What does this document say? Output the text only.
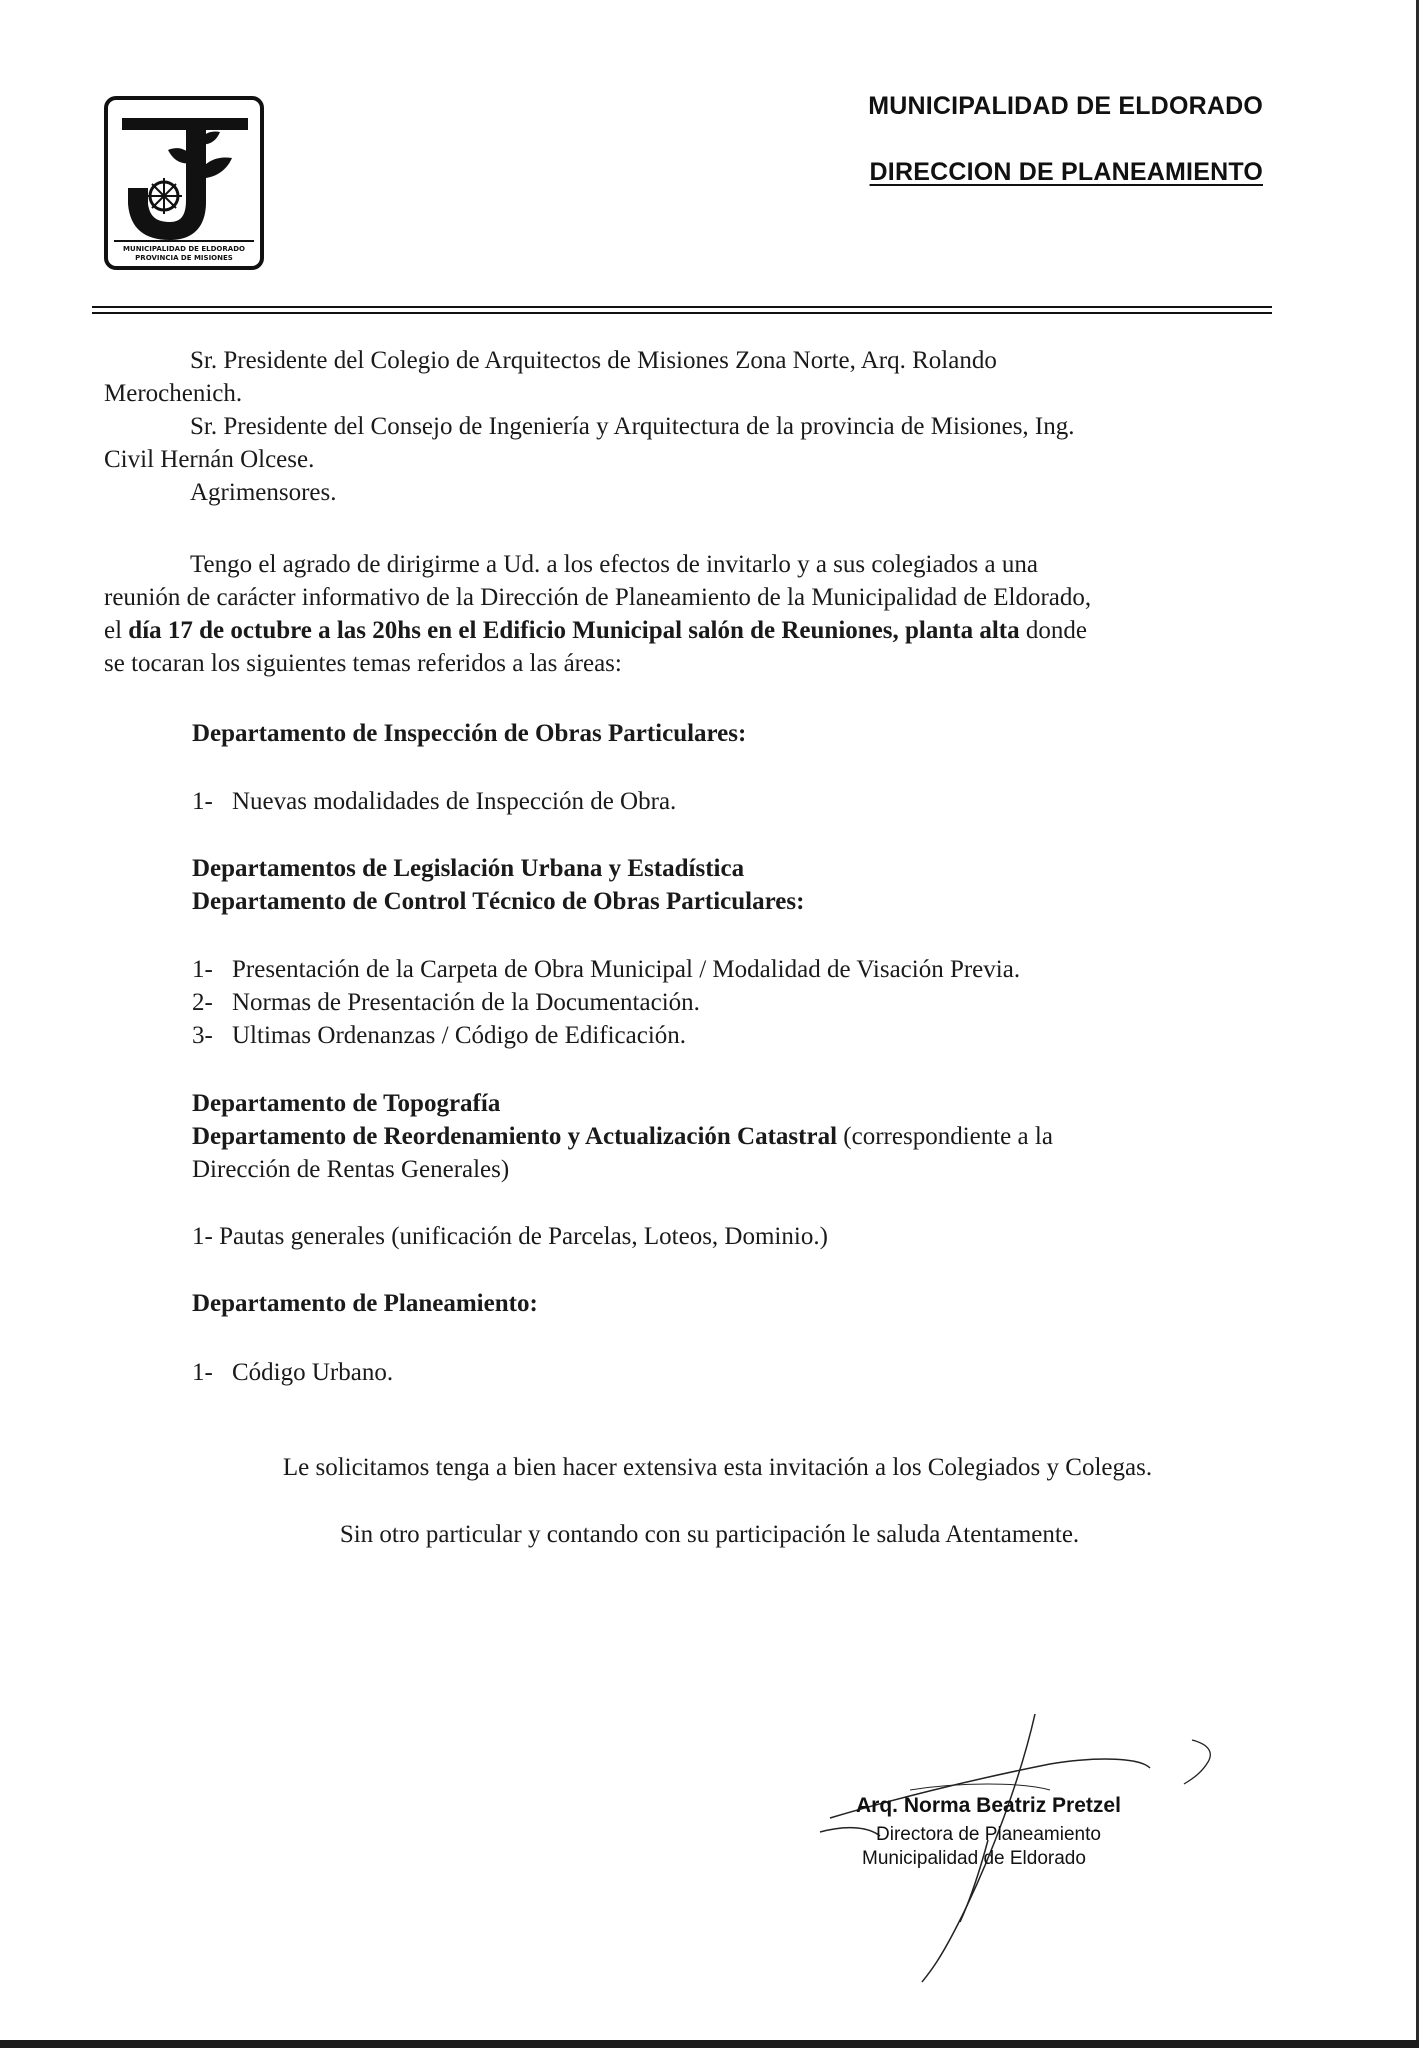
MUNICIPALIDAD DE ELDORADO
PROVINCIA DE MISIONES
MUNICIPALIDAD DE ELDORADO
DIRECCION DE PLANEAMIENTO

Sr. Presidente del Colegio de Arquitectos de Misiones Zona Norte, Arq. Rolando

Merochenich.

Sr. Presidente del Consejo de Ingeniería y Arquitectura de la provincia de Misiones, Ing.

Civil Hernán Olcese.

Agrimensores.

Tengo el agrado de dirigirme a Ud. a los efectos de invitarlo y a sus colegiados a una

reunión de carácter informativo de la Dirección de Planeamiento de la Municipalidad de Eldorado,

el día 17 de octubre a las 20hs en el Edificio Municipal salón de Reuniones, planta alta donde

se tocaran los siguientes temas referidos a las áreas:

Departamento de Inspección de Obras Particulares:
1- Nuevas modalidades de Inspección de Obra.
Departamentos de Legislación Urbana y Estadística
Departamento de Control Técnico de Obras Particulares:
1- Presentación de la Carpeta de Obra Municipal / Modalidad de Visación Previa.
2- Normas de Presentación de la Documentación.
3- Ultimas Ordenanzas / Código de Edificación.
Departamento de Topografía
Departamento de Reordenamiento y Actualización Catastral (correspondiente a la
Dirección de Rentas Generales)
1- Pautas generales (unificación de Parcelas, Loteos, Dominio.)
Departamento de Planeamiento:
1- Código Urbano.
Le solicitamos tenga a bien hacer extensiva esta invitación a los Colegiados y Colegas.
Sin otro particular y contando con su participación le saluda Atentamente.
Arq. Norma Beatriz Pretzel
Directora de Planeamiento
Municipalidad de Eldorado
